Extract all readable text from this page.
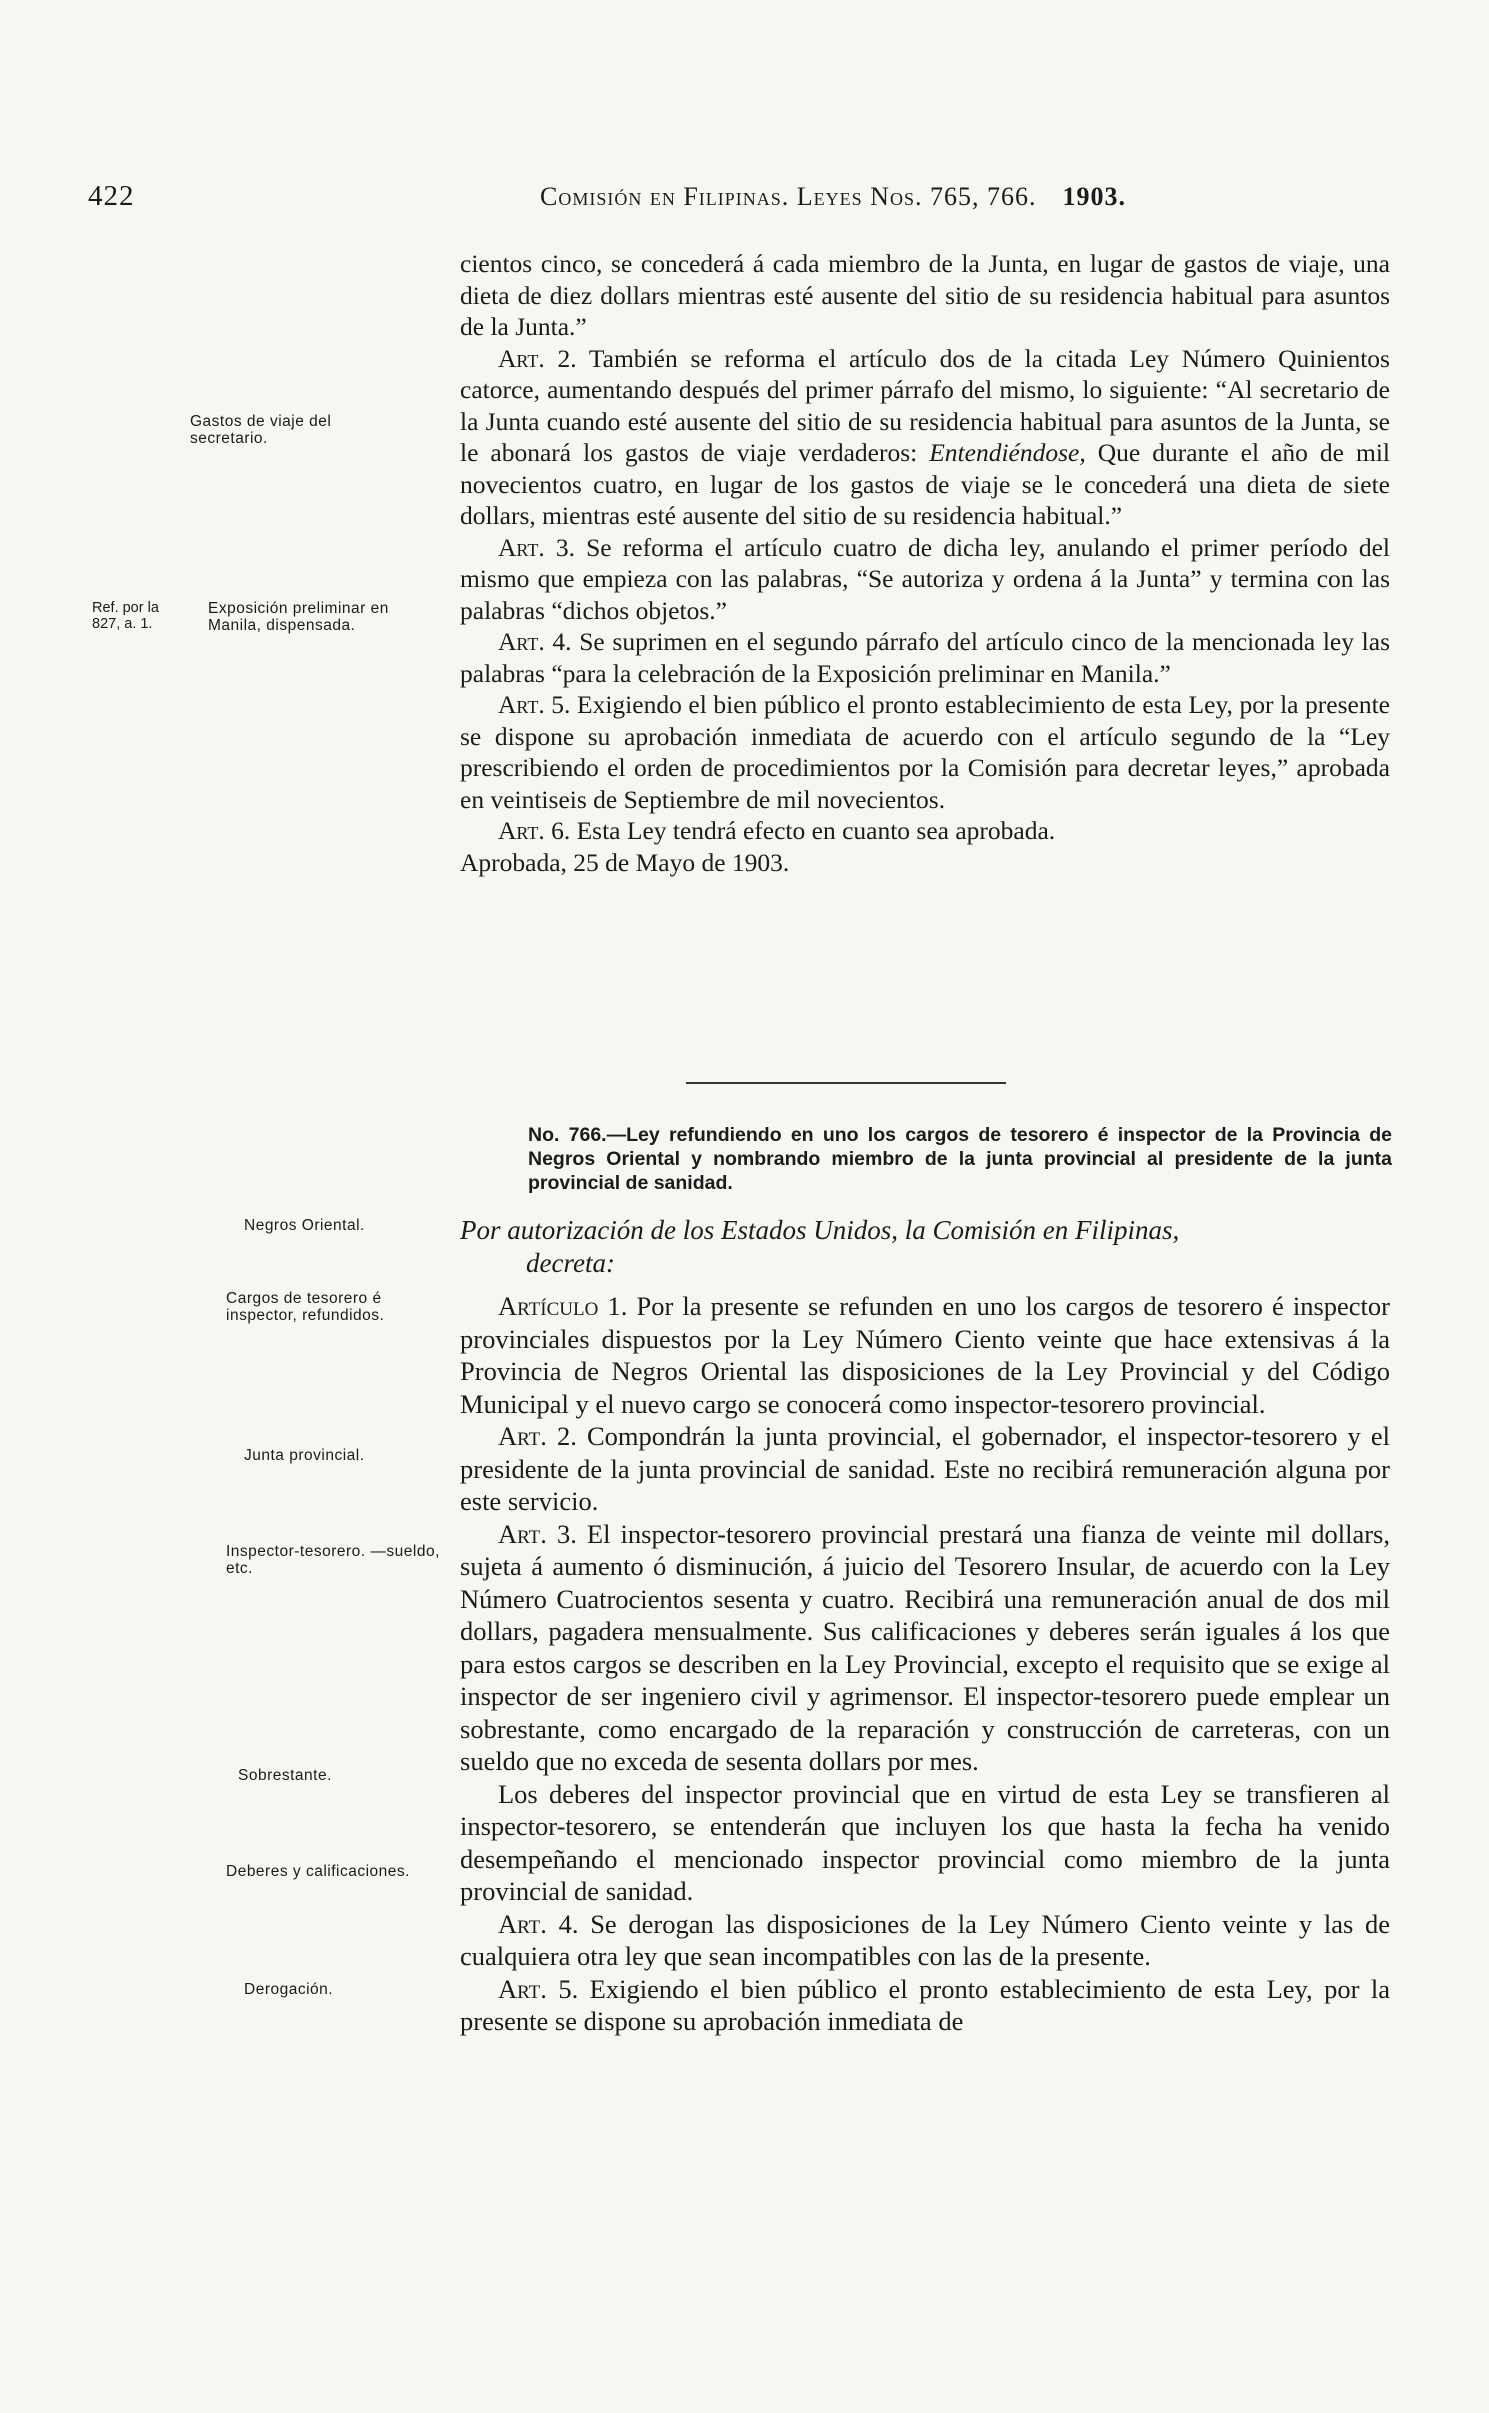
422	Comisión en Filipinas. Leyes Nos. 765, 766. 1903.

cientos cinco, se concederá á cada miembro de la Junta, en lugar de gastos de viaje, una dieta de diez dollars mientras esté ausente del sitio de su residencia habitual para asuntos de la Junta.”

Art. 2. También se reforma el artículo dos de la citada Ley Número Quinientos catorce, aumentando después del primer párrafo del mismo, lo siguiente: “Al secretario de la Junta cuando esté ausente del sitio de su residencia habitual para asuntos de la Junta, se le abonará los gastos de viaje verdaderos: Entendiéndose, Que durante el año de mil novecientos cuatro, en lugar de los gastos de viaje se le concederá una dieta de siete dollars, mientras esté ausente del sitio de su residencia habitual.”

Art. 3. Se reforma el artículo cuatro de dicha ley, anulando el primer período del mismo que empieza con las palabras, “Se autoriza y ordena á la Junta” y termina con las palabras “dichos objetos.”

Art. 4. Se suprimen en el segundo párrafo del artículo cinco de la mencionada ley las palabras “para la celebración de la Exposición preliminar en Manila.”

Art. 5. Exigiendo el bien público el pronto establecimiento de esta Ley, por la presente se dispone su aprobación inmediata de acuerdo con el artículo segundo de la “Ley prescribiendo el orden de procedimientos por la Comisión para decretar leyes,” aprobada en veintiseis de Septiembre de mil novecientos.

Art. 6. Esta Ley tendrá efecto en cuanto sea aprobada.

Aprobada, 25 de Mayo de 1903.

Gastos de viaje del secretario.
Ref. por la 827, a. 1.
Exposición preliminar en Manila, dispensada.
No. 766.—Ley refundiendo en uno los cargos de tesorero é inspector de la Provincia de Negros Oriental y nombrando miembro de la junta provincial al presidente de la junta provincial de sanidad.
Por autorización de los Estados Unidos, la Comisión en Filipinas,
decreta:

Artículo 1. Por la presente se refunden en uno los cargos de tesorero é inspector provinciales dispuestos por la Ley Número Ciento veinte que hace extensivas á la Provincia de Negros Oriental las disposiciones de la Ley Provincial y del Código Municipal y el nuevo cargo se conocerá como inspector-tesorero provincial.

Art. 2. Compondrán la junta provincial, el gobernador, el inspector-tesorero y el presidente de la junta provincial de sanidad. Este no recibirá remuneración alguna por este servicio.

Art. 3. El inspector-tesorero provincial prestará una fianza de veinte mil dollars, sujeta á aumento ó disminución, á juicio del Tesorero Insular, de acuerdo con la Ley Número Cuatrocientos sesenta y cuatro. Recibirá una remuneración anual de dos mil dollars, pagadera mensualmente. Sus calificaciones y deberes serán iguales á los que para estos cargos se describen en la Ley Provincial, excepto el requisito que se exige al inspector de ser ingeniero civil y agrimensor. El inspector-tesorero puede emplear un sobrestante, como encargado de la reparación y construcción de carreteras, con un sueldo que no exceda de sesenta dollars por mes.

Los deberes del inspector provincial que en virtud de esta Ley se transfieren al inspector-tesorero, se entenderán que incluyen los que hasta la fecha ha venido desempeñando el mencionado inspector provincial como miembro de la junta provincial de sanidad.

Art. 4. Se derogan las disposiciones de la Ley Número Ciento veinte y las de cualquiera otra ley que sean incompatibles con las de la presente.

Art. 5. Exigiendo el bien público el pronto establecimiento de esta Ley, por la presente se dispone su aprobación inmediata de

Negros Oriental.
Cargos de tesorero é inspector, refundidos.
Junta provincial.
Inspector-tesorero. —sueldo, etc.
Sobrestante.
Deberes y calificaciones.
Derogación.
